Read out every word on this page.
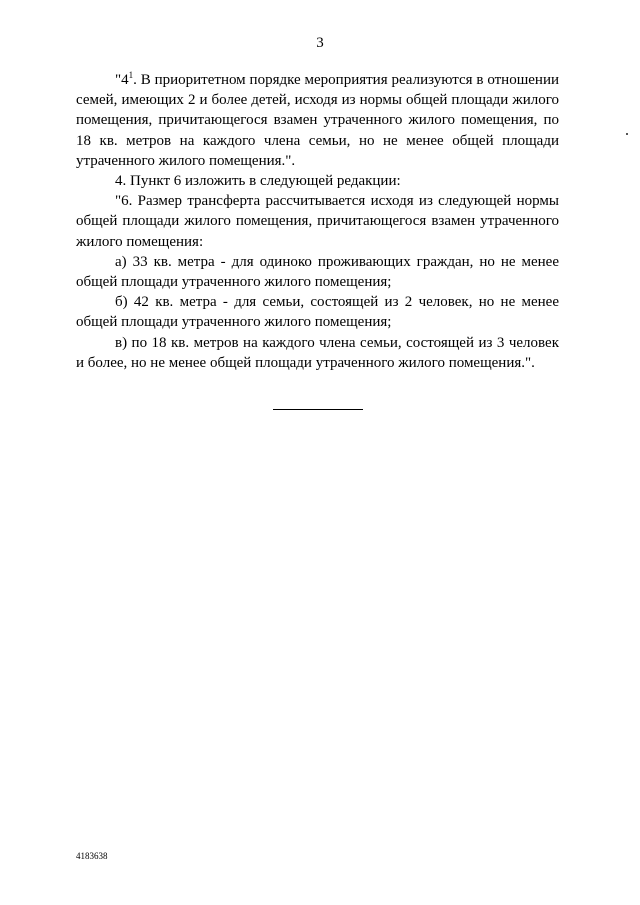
3

"$4^1$. В приоритетном порядке мероприятия реализуются в отношении семей, имеющих 2 и более детей, исходя из нормы общей площади жилого помещения, причитающегося взамен утраченного жилого помещения, по 18 кв. метров на каждого члена семьи, но не менее общей площади утраченного жилого помещения.".

4. Пункт 6 изложить в следующей редакции:

"6. Размер трансферта рассчитывается исходя из следующей нормы общей площади жилого помещения, причитающегося взамен утраченного жилого помещения:

а) 33 кв. метра - для одиноко проживающих граждан, но не менее общей площади утраченного жилого помещения;

б) 42 кв. метра - для семьи, состоящей из 2 человек, но не менее общей площади утраченного жилого помещения;

в) по 18 кв. метров на каждого члена семьи, состоящей из 3 человек и более, но не менее общей площади утраченного жилого помещения.".

4183638
